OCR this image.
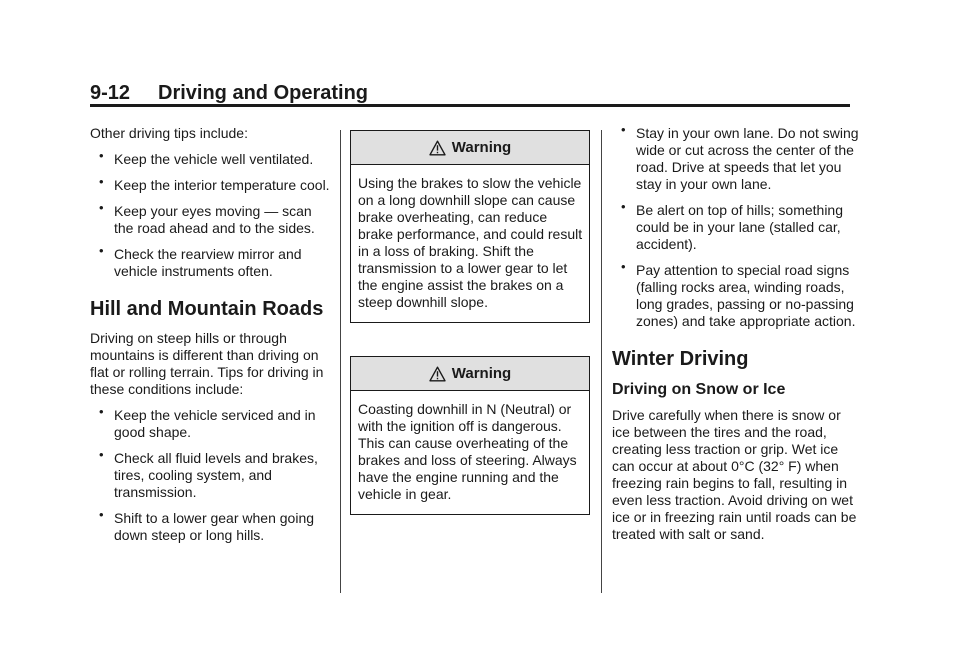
9-12 Driving and Operating

Other driving tips include:

• Keep the vehicle well ventilated.
• Keep the interior temperature cool.
• Keep your eyes moving — scan the road ahead and to the sides.
• Check the rearview mirror and vehicle instruments often.
Hill and Mountain Roads

Driving on steep hills or through mountains is different than driving on flat or rolling terrain. Tips for driving in these conditions include:

• Keep the vehicle serviced and in good shape.
• Check all fluid levels and brakes, tires, cooling system, and transmission.
• Shift to a lower gear when going down steep or long hills.
Warning
Using the brakes to slow the vehicle on a long downhill slope can cause brake overheating, can reduce brake performance, and could result in a loss of braking. Shift the transmission to a lower gear to let the engine assist the brakes on a steep downhill slope.
Warning
Coasting downhill in N (Neutral) or with the ignition off is dangerous. This can cause overheating of the brakes and loss of steering. Always have the engine running and the vehicle in gear.
• Stay in your own lane. Do not swing wide or cut across the center of the road. Drive at speeds that let you stay in your own lane.
• Be alert on top of hills; something could be in your lane (stalled car, accident).
• Pay attention to special road signs (falling rocks area, winding roads, long grades, passing or no-passing zones) and take appropriate action.
Winter Driving
Driving on Snow or Ice

Drive carefully when there is snow or ice between the tires and the road, creating less traction or grip. Wet ice can occur at about 0°C (32° F) when freezing rain begins to fall, resulting in even less traction. Avoid driving on wet ice or in freezing rain until roads can be treated with salt or sand.
